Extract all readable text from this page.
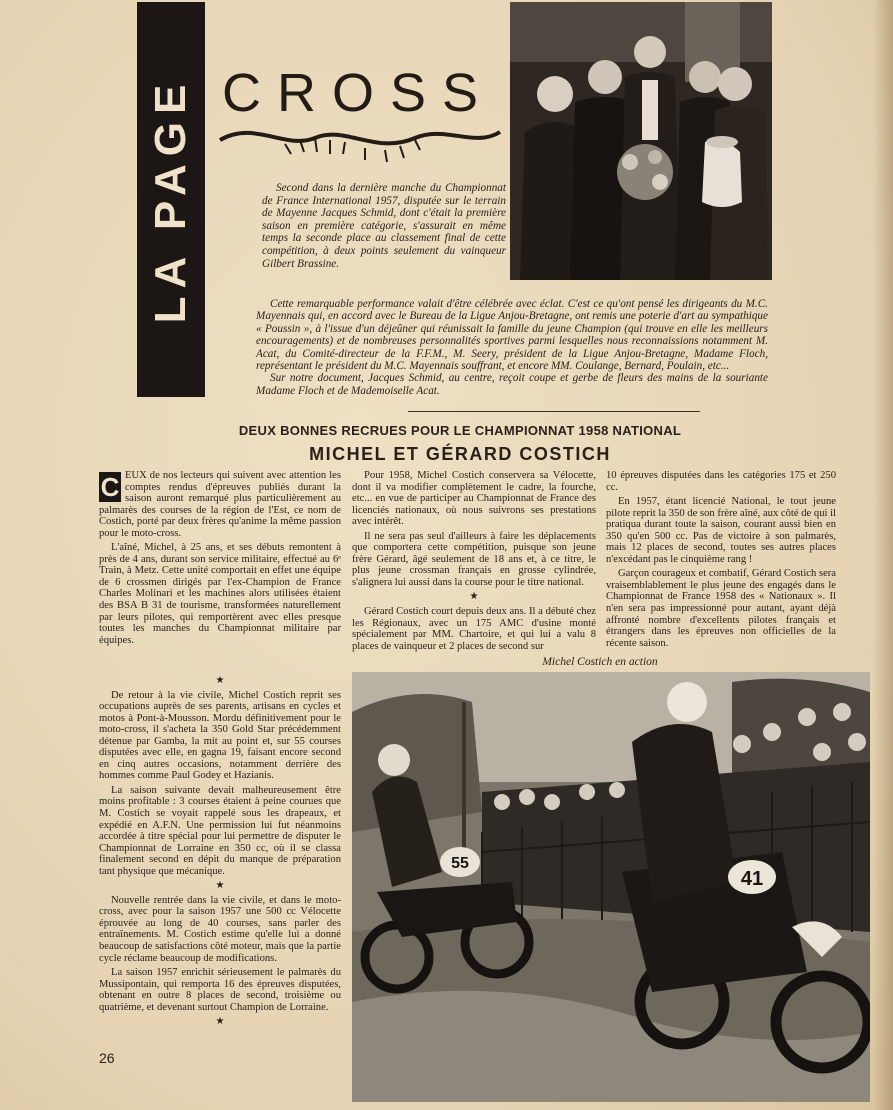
LA PAGE CROSS

Second dans la dernière manche du Championnat de France International 1957, disputée sur le terrain de Mayenne Jacques Schmid, dont c'était la première saison en première catégorie, s'assurait en même temps la seconde place au classement final de cette compétition, à deux points seulement du vainqueur Gilbert Brassine.

Cette remarquable performance valait d'être célébrée avec éclat. C'est ce qu'ont pensé les dirigeants du M.C. Mayennais qui, en accord avec le Bureau de la Ligue Anjou-Bretagne, ont remis une poterie d'art au sympathique « Poussin », à l'issue d'un déjeûner qui réunissait la famille du jeune Champion (qui trouve en elle les meilleurs encouragements) et de nombreuses personnalités sportives parmi lesquelles nous reconnaissions notamment M. Acat, du Comité-directeur de la F.F.M., M. Seery, président de la Ligue Anjou-Bretagne, Madame Floch, représentant le président du M.C. Mayennais souffrant, et encore MM. Coulange, Bernard, Poulain, etc...

Sur notre document, Jacques Schmid, au centre, reçoit coupe et gerbe de fleurs des mains de la souriante Madame Floch et de Mademoiselle Acat.

DEUX BONNES RECRUES POUR LE CHAMPIONNAT 1958 NATIONAL
MICHEL ET GÉRARD COSTICH

C EUX de nos lecteurs qui suivent avec attention les comptes rendus d'épreuves publiés durant la saison auront remarqué plus particulièrement au palmarès des courses de la région de l'Est, ce nom de Costich, porté par deux frères qu'anime la même passion pour le moto-cross.

L'aîné, Michel, à 25 ans, et ses débuts remontent à près de 4 ans, durant son service militaire, effectué au 6ᵉ Train, à Metz. Cette unité comportait en effet une équipe de 6 crossmen dirigés par l'ex-Champion de France Charles Molinari et les machines alors utilisées étaient des BSA B 31 de tourisme, transformées naturellement par leurs pilotes, qui remportèrent avec elles presque toutes les manches du Championnat militaire par équipes.

Pour 1958, Michel Costich conservera sa Vélocette, dont il va modifier complètement le cadre, la fourche, etc... en vue de participer au Championnat de France des licenciés nationaux, où nous suivrons ses prestations avec intérêt.

Il ne sera pas seul d'ailleurs à faire les déplacements que comportera cette compétition, puisque son jeune frère Gérard, âgé seulement de 18 ans et, à ce titre, le plus jeune crossman français en grosse cylindrée, s'alignera lui aussi dans la course pour le titre national.

★

Gérard Costich court depuis deux ans. Il a débuté chez les Régionaux, avec un 175 AMC d'usine monté spécialement par MM. Chartoire, et qui lui a valu 8 places de vainqueur et 2 places de second sur

10 épreuves disputées dans les catégories 175 et 250 cc.

En 1957, étant licencié National, le tout jeune pilote reprit la 350 de son frère aîné, aux côté de qui il pratiqua durant toute la saison, courant aussi bien en 350 qu'en 500 cc. Pas de victoire à son palmarès, mais 12 places de second, toutes ses autres places n'excédant pas le cinquième rang !

Garçon courageux et combatif, Gérard Costich sera vraisemblablement le plus jeune des engagés dans le Championnat de France 1958 des « Nationaux ». Il n'en sera pas impressionné pour autant, ayant déjà affronté nombre d'excellents pilotes français et étrangers dans les épreuves non officielles de la récente saison.

★

De retour à la vie civile, Michel Costich reprit ses occupations auprès de ses parents, artisans en cycles et motos à Pont-à-Mousson. Mordu définitivement pour le moto-cross, il s'acheta la 350 Gold Star précédemment détenue par Gamba, la mit au point et, sur 55 courses disputées avec elle, en gagna 19, faisant encore second en cinq autres occasions, notamment derrière des hommes comme Paul Godey et Hazianis.

La saison suivante devait malheureusement être moins profitable : 3 courses étaient à peine courues que M. Costich se voyait rappelé sous les drapeaux, et expédié en A.F.N. Une permission lui fut néanmoins accordée à titre spécial pour lui permettre de disputer le Championnat de Lorraine en 350 cc, où il se classa finalement second en dépit du manque de préparation tant physique que mécanique.

★

Nouvelle rentrée dans la vie civile, et dans le moto-cross, avec pour la saison 1957 une 500 cc Vélocette éprouvée au long de 40 courses, sans parler des entraînements. M. Costich estime qu'elle lui a donné beaucoup de satisfactions côté moteur, mais que la partie cycle réclame beaucoup de modifications.

La saison 1957 enrichit sérieusement le palmarès du Mussipontain, qui remporta 16 des épreuves disputées, obtenant en outre 8 places de second, troisième ou quatrième, et devenant surtout Champion de Lorraine.

★
Michel Costich en action
55
41
26
